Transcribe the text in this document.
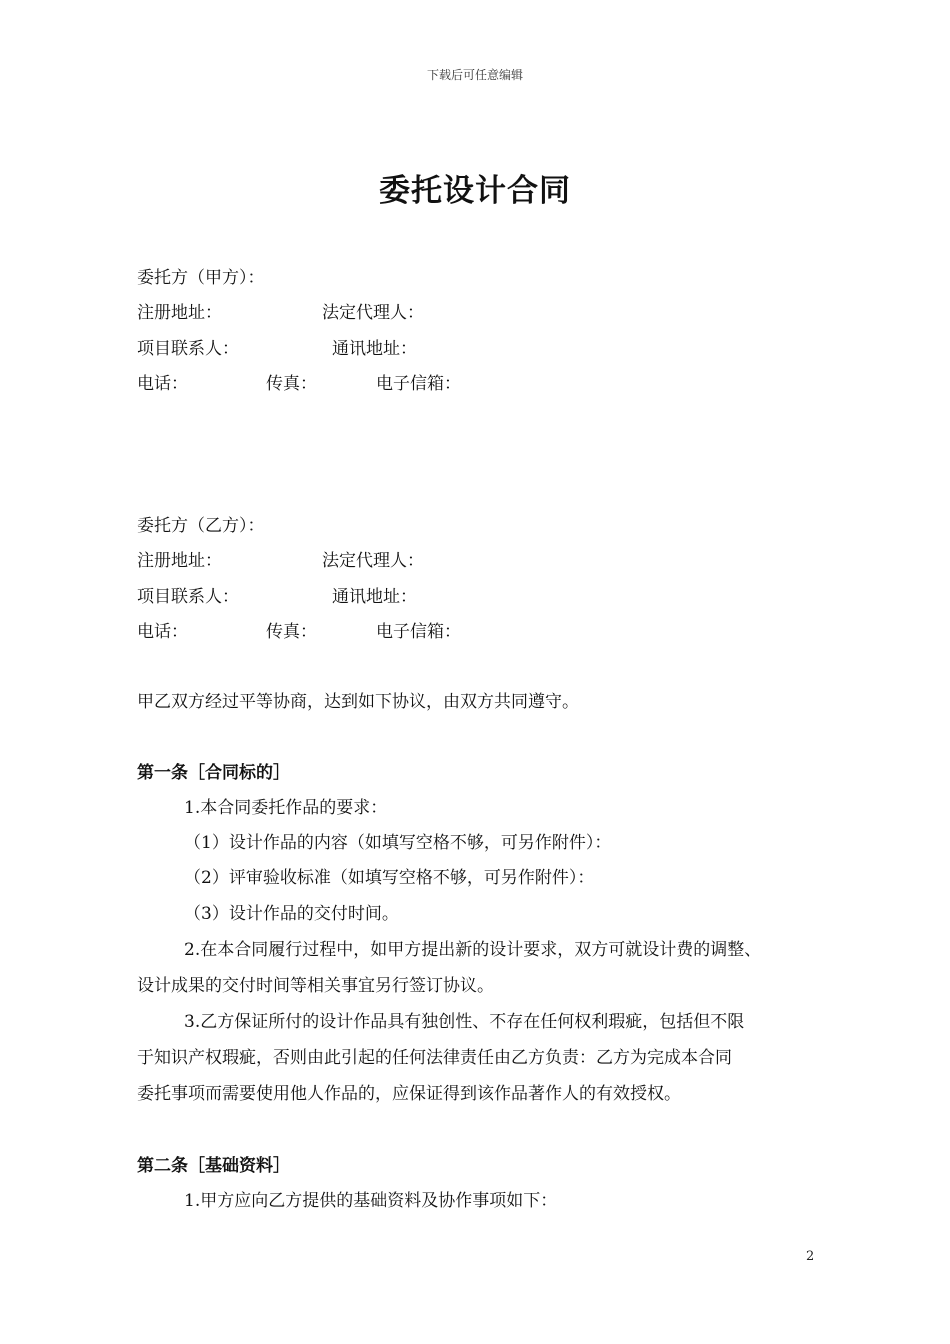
下载后可任意编辑
委托设计合同
委托方（甲方）：
注册地址：	法定代理人：
项目联系人：	通讯地址：
电话：	传真：	电子信箱：
委托方（乙方）：
注册地址：	法定代理人：
项目联系人：	通讯地址：
电话：	传真：	电子信箱：
甲乙双方经过平等协商，达到如下协议，由双方共同遵守。
第一条［合同标的］
1.本合同委托作品的要求：
（1）设计作品的内容（如填写空格不够，可另作附件）：
（2）评审验收标准（如填写空格不够，可另作附件）：
（3）设计作品的交付时间。
2.在本合同履行过程中，如甲方提出新的设计要求，双方可就设计费的调整、
设计成果的交付时间等相关事宜另行签订协议。
3.乙方保证所付的设计作品具有独创性、不存在任何权利瑕疵，包括但不限
于知识产权瑕疵，否则由此引起的任何法律责任由乙方负责：乙方为完成本合同
委托事项而需要使用他人作品的，应保证得到该作品著作人的有效授权。
第二条［基础资料］
1.甲方应向乙方提供的基础资料及协作事项如下：
2
